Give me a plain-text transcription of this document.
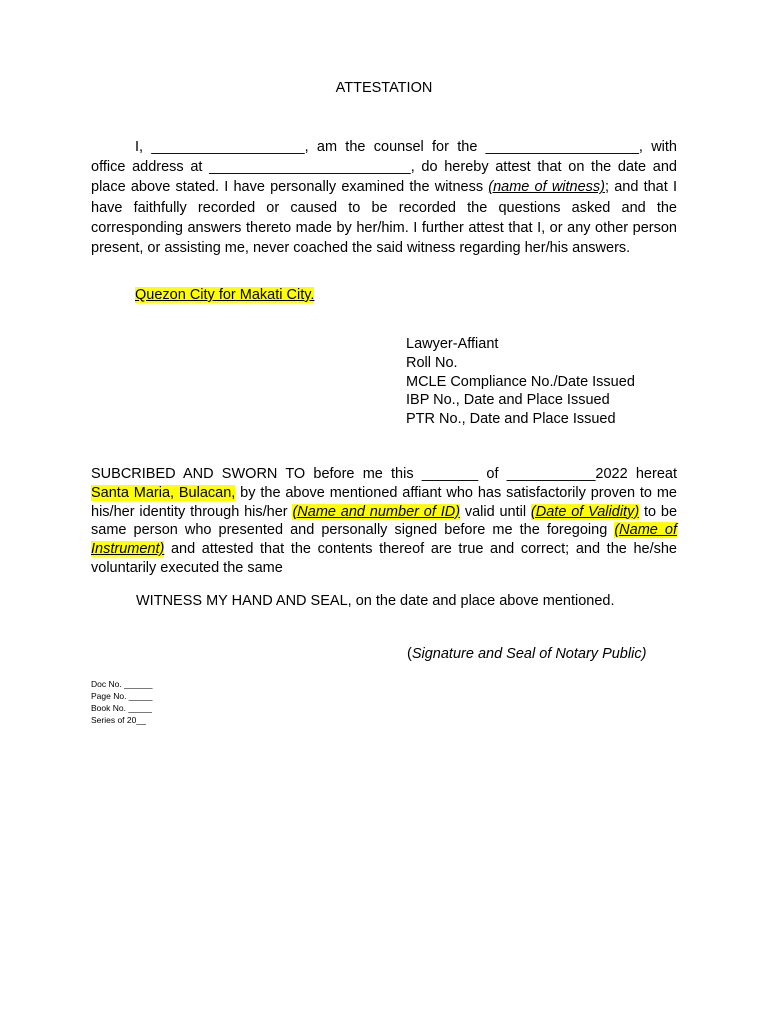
ATTESTATION
I, ___________________, am the counsel for the ___________________, with office address at _________________________, do hereby attest that on the date and place above stated. I have personally examined the witness (name of witness); and that I have faithfully recorded or caused to be recorded the questions asked and the corresponding answers thereto made by her/him. I further attest that I, or any other person present, or assisting me, never coached the said witness regarding her/his answers.
Quezon City for Makati City.
Lawyer-Affiant
Roll No.
MCLE Compliance No./Date Issued
IBP No., Date and Place Issued
PTR No., Date and Place Issued
SUBCRIBED AND SWORN TO before me this _______ of ___________2022 hereat Santa Maria, Bulacan, by the above mentioned affiant who has satisfactorily proven to me his/her identity through his/her (Name and number of ID) valid until (Date of Validity) to be same person who presented and personally signed before me the foregoing (Name of Instrument) and attested that the contents thereof are true and correct; and the he/she voluntarily executed the same
WITNESS MY HAND AND SEAL, on the date and place above mentioned.
(Signature and Seal of Notary Public)
Doc No. ______
Page No. _____
Book No. _____
Series of 20__
